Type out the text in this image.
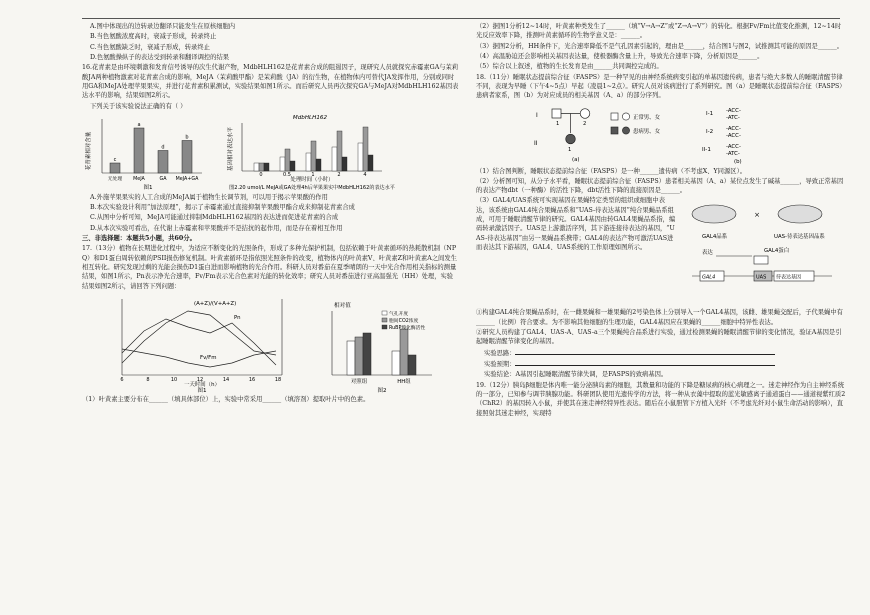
A.图中体现出的边转录边翻译只能发生在原核细胞内

B.当色氨酸浓度高时，衰减子形成，转录终止

C.当色氨酸缺乏时，衰减子形成，转录终止

D.色氨酸操纵子的表达受到转录和翻译调控的结果

16.花青素是由环境刺激和发育信号诱导的次生代谢产物，MdbHLH162是花青素合成的阻遏因子，现研究人员就探究赤霉素GA与茉莉酸JA两种植物激素对花青素合成的影响，MeJA（茉莉酸甲酯）是茉莉酸（JA）的衍生物，在植物体内可替代JA发挥作用，分别或同时用GA和MeJA处理苹果果实，并进行花青素积累测试，实验结果如图1所示。而后研究人员再次探究GA与MeJA对MdbHLH162基因表达水平的影响，结果如图2所示。

下列关于该实验说法正确的有（ ）

花青素相对含量	c
无处理
a
MeJA
d
GA
b
MeJA+GA
图1
MdbHLH162
基因相对表达水平
0	0.5	1	2	4
处理时间（小时）
图2.20 umol/L MeJA或GA处理4h后苹果果实中MdbHLH162的表达水平

A.外施苹果果实的人工合成的MeJA属于植物生长调节剂，可以用于揭示苹果酸的作用

B.本次实验设计利用“加法原理”，揭示了赤霉素通过直接抑制苹果酸甲酯合成来抑制花青素合成

C.从图中分析可知，MeJA可能通过抑制MdbHLH162基因的表达进而促进花青素的合成

D.从本次实验可看出，在代谢上赤霉素和苹果酸并不是拮抗的起作用，而是存在着相互作用

三、非选择题：本题共5小题，共60分。

17.（13分）植物在长期进化过程中，为适应不断变化的光照条件，形成了多种光保护机制，包括依赖于叶黄素循环的热耗散机制（NPQ）和D1蛋白周转依赖的PSII损伤修复机制。叶黄素循环是指依照光照条件的改变，植物体内的叶黄素V、叶黄素Z和叶黄素A之间发生相互转化。研究发现过剩的光能会损伤D1蛋白进而影响植物的光合作用。科研人员对番茄在夏季晴朗的一天中光合作用相关指标的测量结果，如图1所示，Pn表示净光合速率，Fv/Fm表示光合色素对光能的转化效率；研究人员对番茄进行亚高温强光（HH）处理，实验结果如图2所示，请回答下列问题：

(A+Z)/(V+A+Z)
Pn
Fv/Fm
6	8	10	12	14	16	18
一天时间（h）
图1
相对值
气孔开度
胞间CO2浓度
RuBP羧化酶活性
对照组	HH组
图2

（1）叶黄素主要分布在______（填具体部位）上，实验中常采用______（填溶剂）提取叶片中的色素。

（2）据图1分析12~14时，叶黄素种类发生了______（填“V→A→Z”或“Z→A→V”）的转化。根据Fv/Fm比值变化推测，12~14时光反应效率下降，推测叶黄素循环的生物学意义是：______。

（3）据图2分析，HH条件下，光合速率降低不是气孔因素引起的，理由是______，结合图1与图2，试推测其可能的原因是______。

（4）高温胁迫还会影响相关基因表达量，使极器酶含量上升，导致光合速率下降，分析原因是______。

（5）综合以上叙述，植物的生长发育是由______共同调控完成的。

18.（11分）睡眠状态提前综合征（FASPS）是一种罕见的由神经系统病变引起的单基因遗传病，患者与绝大多数人的睡眠清醒节律不同，表现为早睡（下午4~5点）早起（凌晨1~2点）。研究人员对该病进行了系列研究。图（a）是睡眠状态提前综合征（FASPS）患病者家系，图（b）为对应成员的相关基因（A、a）的部分序列。

I
II
1	2
1
正常男、女
患病男、女
(a)
I-1 -ACC-
-ATC-
I-2 -ACC-
-ACC-
II-1	-ACC-
-ATC-
(b)

（1）结合图判断，睡眠状态提前综合征（FASPS）是一种______遗传病（不考虑X、Y同源区）。

（2）分析图可知，从分子水平看，睡眠状态提前综合征（FASPS）患者相关基因（A、a）某位点发生了碱基______，导致正常基因的表达产物dbt（一种酶）的活性下降，dbt活性下降的直接原因是______。

（3）GAL4/UAS系统可实现基因在果蝇特定类型的组织或细胞中表达，该系统由GAL4纯合果蝇品系和“UAS-待表达基因”纯合果蝇品系组成，可用于睡眠清醒节律的研究。GAL4基因由转GAL4果蝇品系指，编码转录激活因子。UAS是上游激活序列，其下游连接待表达的基因，“UAS-待表达基因”由另一果蝇品系携带；GAL4的表达产物可激活UAS进而表达其下游基因，GAL4、UAS系统的工作原理如图所示。

×
GAL4品系	UAS-待表达基因品系
表达	GAL4蛋白
GAL4	UAS 待表达基因

①构建GAL4纯合果蝇品系时，在一雌果蝇和一雄果蝇的2号染色体上分别导入一个GAL4基因，该雌、雄果蝇交配后，子代果蝇中有______（比例）符合要求。为不影响其他细胞的生理功能，GAL4基因应在果蝇的______细胞中特异性表达。

②研究人员构建了GAL4、UAS-A、UAS-a三个果蝇纯合品系进行实验，通过检测果蝇的睡眠清醒节律的变化情况，验证A基因是引起睡眠清醒节律变化的基因。

实验思路：

实验预期：

实验结论：A基因引起睡眠清醒节律失调，是FASPS的致病基因。

19.（12分）胰岛β细胞是体内唯一能分泌胰岛素的细胞，其数量和功能的下降是糖尿病的核心病理之一。迷走神经作为自主神经系统的一部分，已知参与调节胰腺功能。科研团队使用光遗传学的方法，将一种从衣藻中提取的蓝光敏感离子通道蛋白——通道视紫红质2（ChR2）的基因转入小鼠，并使其在迷走神经特异性表达。随后在小鼠胆管下方植入光纤（不考虑光纤对小鼠生命活动的影响），直接照射其迷走神经，实现特
